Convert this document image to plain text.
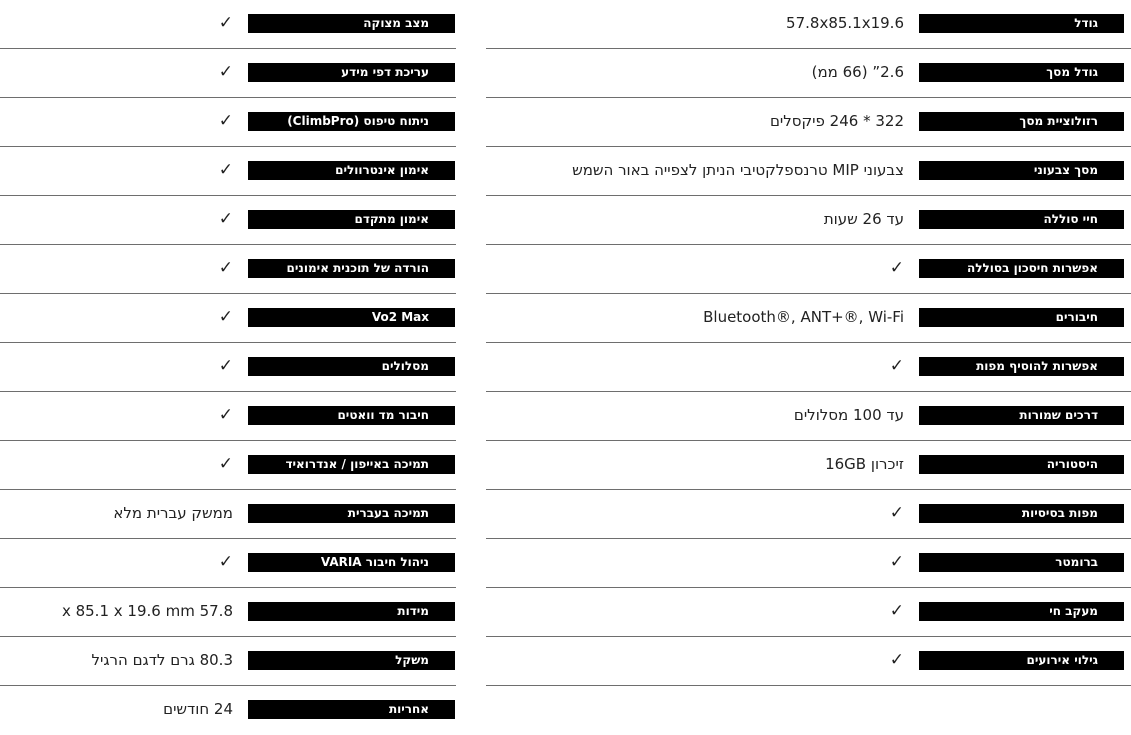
57.8x85.1x19.6	גודל
2.6” (66 ממ)	גודל מסך
322 * 246 פיקסלים	רזולוציית מסך
צבעוני MIP טרנספלקטיבי הניתן לצפייה באור השמש	מסך צבעוני
עד 26 שעות	חיי סוללה
✓	אפשרות חיסכון בסוללה
Bluetooth®, ANT+®, Wi-Fi	חיבורים
✓	אפשרות להוסיף מפות
עד 100 מסלולים	דרכים שמורות
זיכרון 16GB	היסטוריה
✓	מפות בסיסיות
✓	ברומטר
✓	מעקב חי
✓	גילוי אירועים
✓	מצב מצוקה
✓	עריכת דפי מידע
✓	ניתוח טיפוס (ClimbPro)
✓	אימון אינטרוולים
✓	אימון מתקדם
✓	הורדה של תוכנית אימונים
✓	Vo2 Max
✓	מסלולים
✓	חיבור מד וואטים
✓	תמיכה באייפון / אנדרואיד
ממשק עברית מלא	תמיכה בעברית
✓	ניהול חיבור VARIA
57.8 x 85.1 x 19.6 mm	מידות
80.3 גרם לדגם הרגיל	משקל
24 חודשים	אחריות
